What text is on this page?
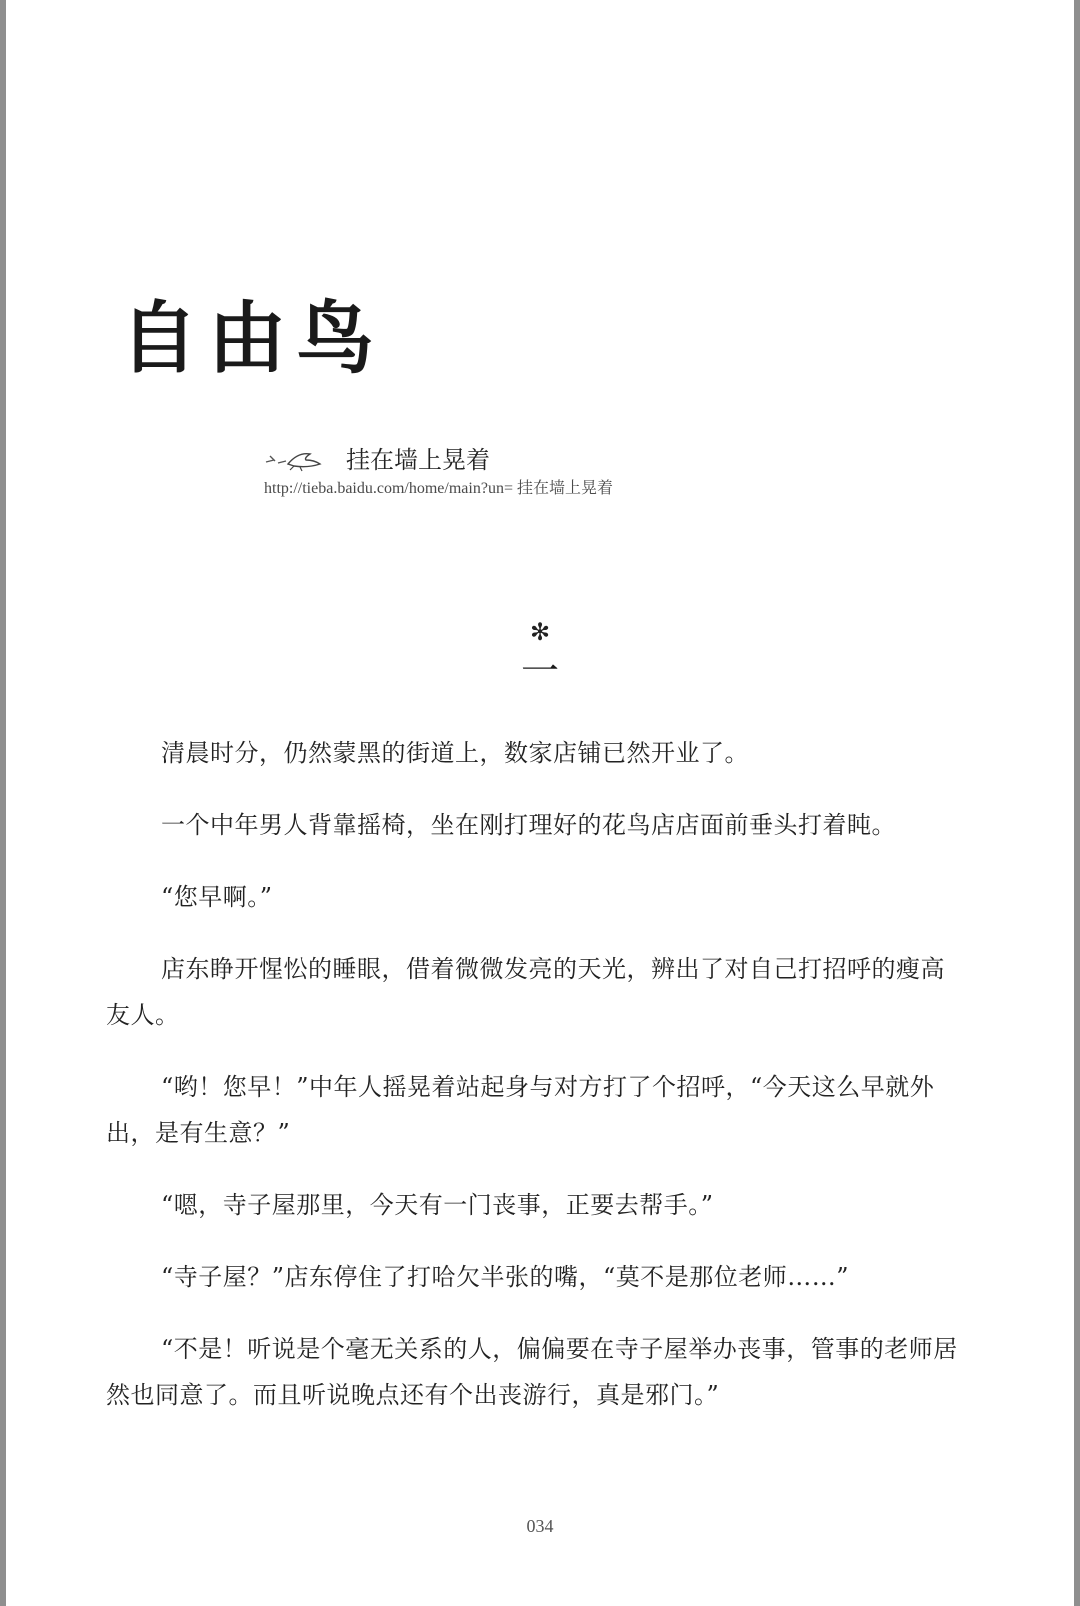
自由鸟
挂在墙上晃着
http://tieba.baidu.com/home/main?un= 挂在墙上晃着
✻
一

清晨时分，仍然蒙黑的街道上，数家店铺已然开业了。

一个中年男人背靠摇椅，坐在刚打理好的花鸟店店面前垂头打着盹。

“您早啊。”

店东睁开惺忪的睡眼，借着微微发亮的天光，辨出了对自己打招呼的瘦高友人。

“哟！您早！”中年人摇晃着站起身与对方打了个招呼，“今天这么早就外出，是有生意？”

“嗯，寺子屋那里，今天有一门丧事，正要去帮手。”

“寺子屋？”店东停住了打哈欠半张的嘴，“莫不是那位老师……”

“不是！听说是个毫无关系的人，偏偏要在寺子屋举办丧事，管事的老师居然也同意了。而且听说晚点还有个出丧游行，真是邪门。”

034
